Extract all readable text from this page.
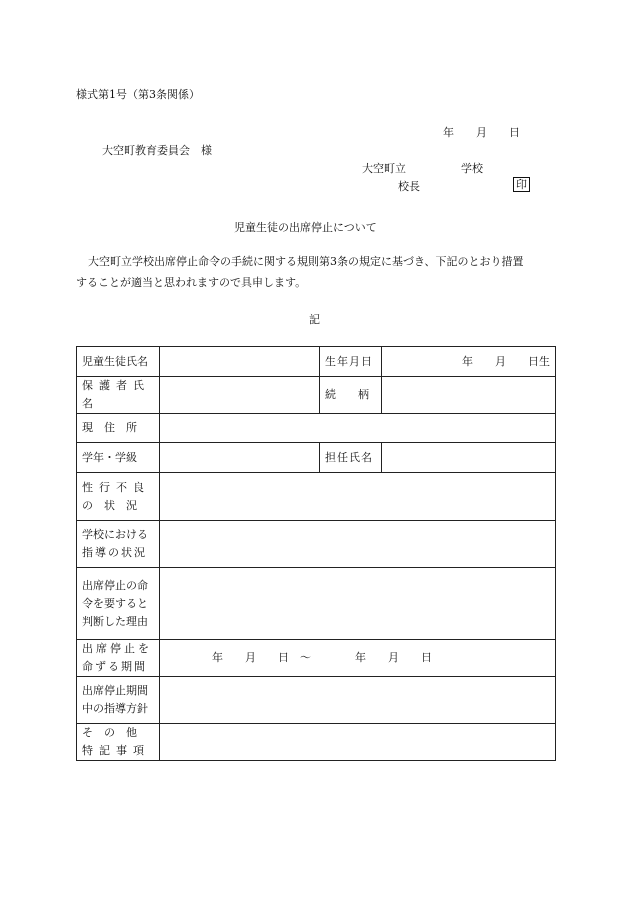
様式第1号（第3条関係）
年　　月　　日
大空町教育委員会　様
大空町立　　　　　学校
校長	印
児童生徒の出席停止について
大空町立学校出席停止命令の手続に関する規則第3条の規定に基づき、下記のとおり措置
することが適当と思われますので具申します。
記
児童生徒氏名		生年月日	年　　月　　日生
保護者氏名		続　　柄	
現　住　所			
学年・学級		担任氏名	

性行不良
の　状　況			

学校における
指導の状況			

出席停止の命
令を要すると
判断した理由			

出席停止を
命ずる期間	年　　月　　日　～　　　　年　　月　　日		

出席停止期間
中の指導方針			

そ　の　他
特記事項			
